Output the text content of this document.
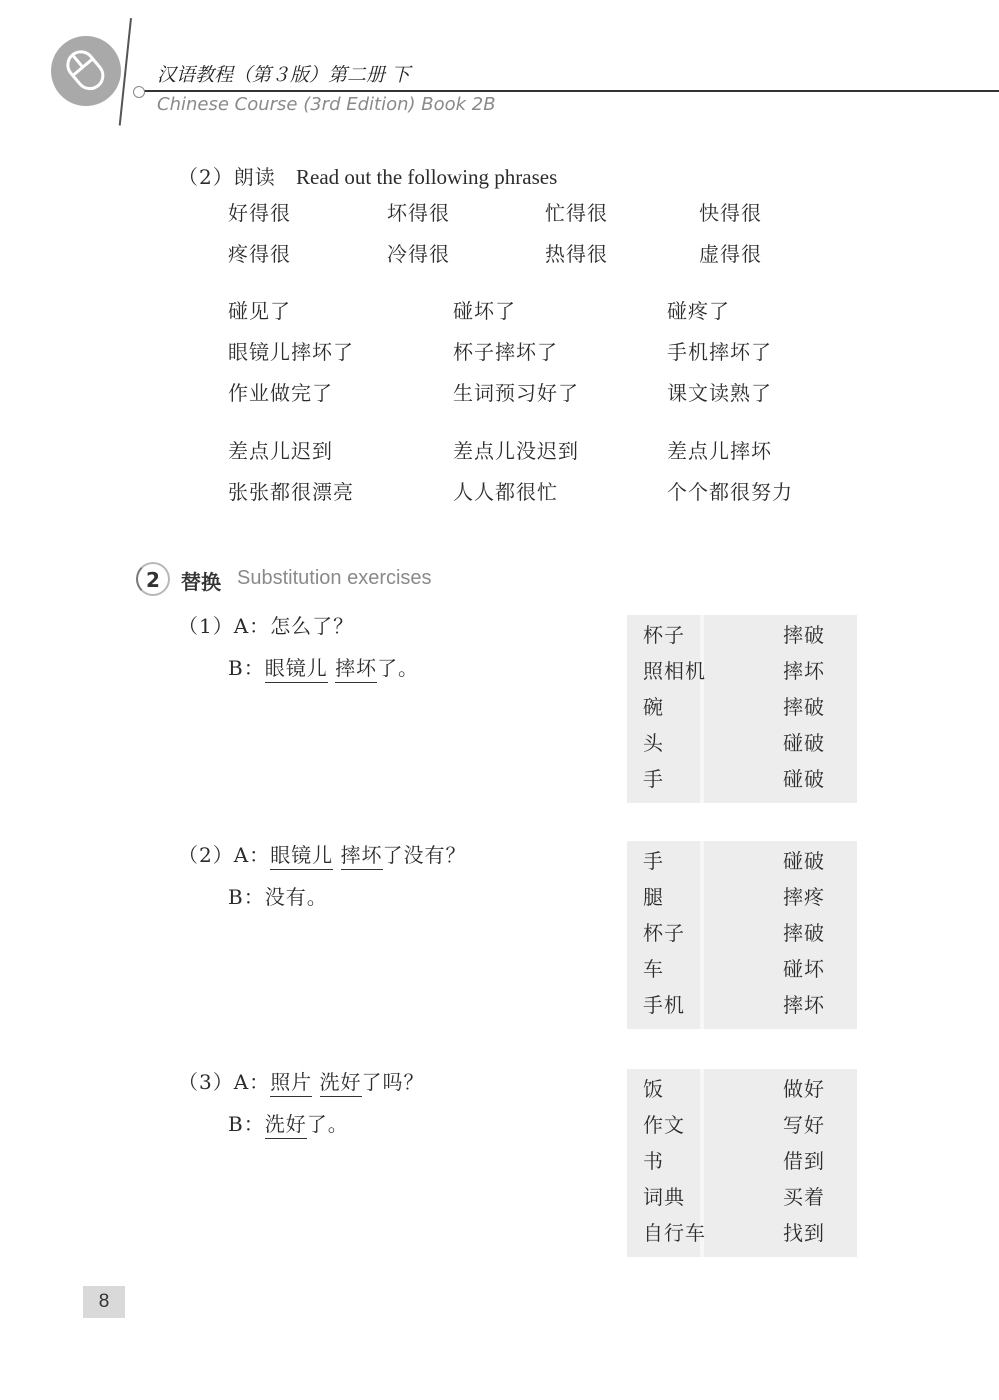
汉语教程（第３版）第二册 下
Chinese Course (3rd Edition) Book 2B
（2）朗读 Read out the following phrases
好得很	坏得很	忙得很	快得很
疼得很	冷得很	热得很	虚得很
碰见了	碰坏了	碰疼了
眼镜儿摔坏了	杯子摔坏了	手机摔坏了
作业做完了	生词预习好了	课文读熟了
差点儿迟到	差点儿没迟到	差点儿摔坏
张张都很漂亮	人人都很忙	个个都很努力
2	替换 Substitution exercises
（1）A：怎么了？
B：眼镜儿 摔坏了。
杯子	摔破
照相机	摔坏
碗	摔破
头	碰破
手	碰破
（2）A：眼镜儿 摔坏了没有？
B：没有。
手	碰破
腿	摔疼
杯子	摔破
车	碰坏
手机	摔坏
（3）A：照片 洗好了吗？
B：洗好了。
饭	做好
作文	写好
书	借到
词典	买着
自行车	找到
8
